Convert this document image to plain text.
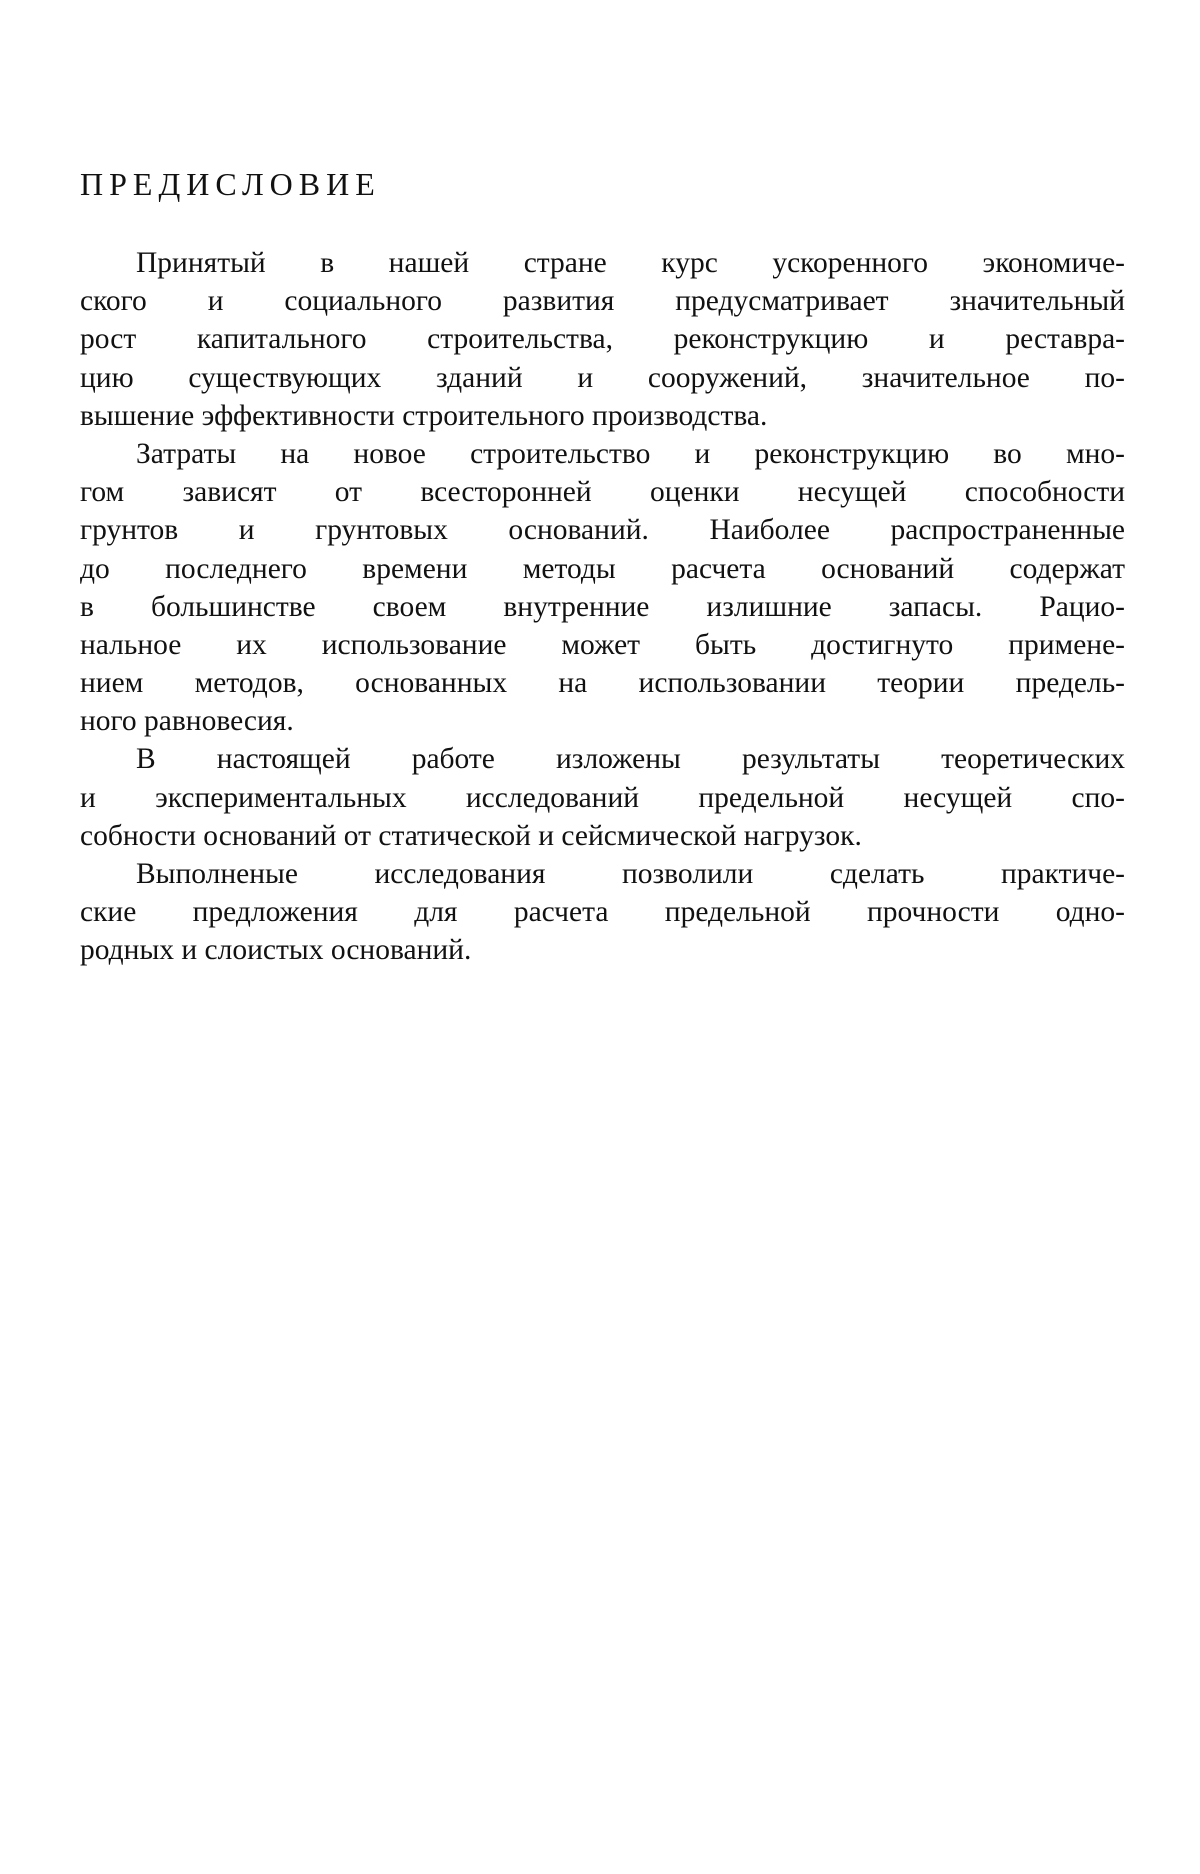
ПРЕДИСЛОВИЕ
Принятый в нашей стране курс ускоренного экономиче-
ского и социального развития предусматривает значительный
рост капитального строительства, реконструкцию и реставра-
цию существующих зданий и сооружений, значительное по-
вышение эффективности строительного производства.
Затраты на новое строительство и реконструкцию во мно-
гом зависят от всесторонней оценки несущей способности
грунтов и грунтовых оснований. Наиболее распространенные
до последнего времени методы расчета оснований содержат
в большинстве своем внутренние излишние запасы. Рацио-
нальное их использование может быть достигнуто примене-
нием методов, основанных на использовании теории предель-
ного равновесия.
В настоящей работе изложены результаты теоретических
и экспериментальных исследований предельной несущей спо-
собности оснований от статической и сейсмической нагрузок.
Выполненые исследования позволили сделать практиче-
ские предложения для расчета предельной прочности одно-
родных и слоистых оснований.
